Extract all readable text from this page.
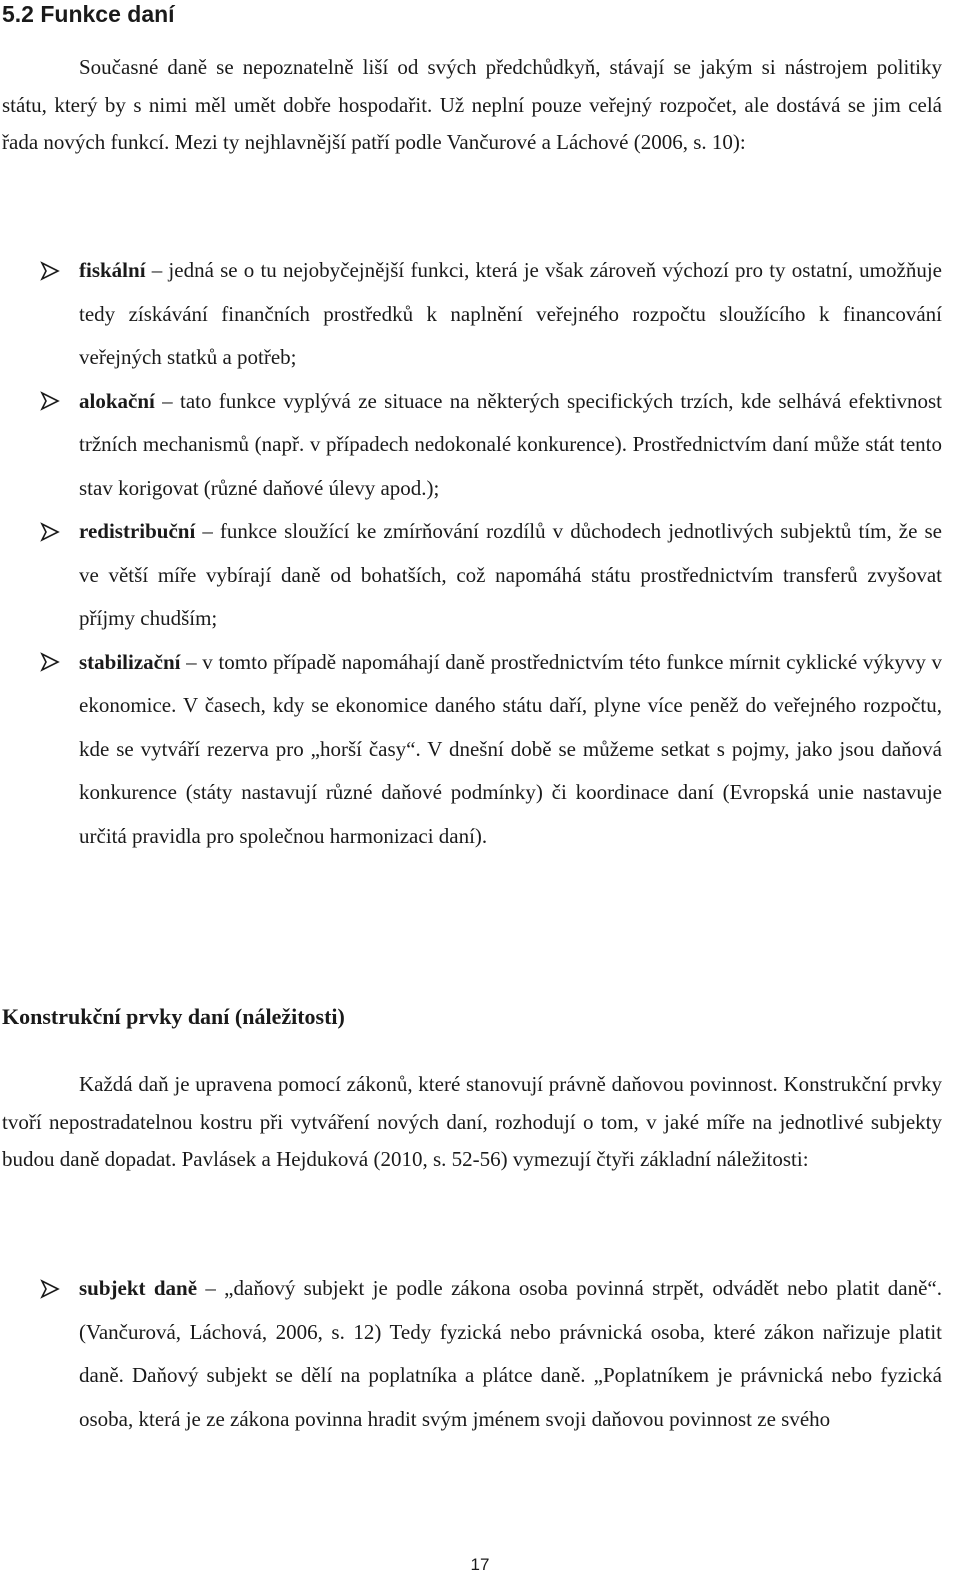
5.2 Funkce daní

Současné daně se nepoznatelně liší od svých předchůdkyň, stávají se jakým si nástrojem politiky státu, který by s nimi měl umět dobře hospodařit. Už neplní pouze veřejný rozpočet, ale dostává se jim celá řada nových funkcí. Mezi ty nejhlavnější patří podle Vančurové a Láchové (2006, s. 10):

fiskální – jedná se o tu nejobyčejnější funkci, která je však zároveň výchozí pro ty ostatní, umožňuje tedy získávání finančních prostředků k naplnění veřejného rozpočtu sloužícího k financování veřejných statků a potřeb;
alokační – tato funkce vyplývá ze situace na některých specifických trzích, kde selhává efektivnost tržních mechanismů (např. v případech nedokonalé konkurence). Prostřednictvím daní může stát tento stav korigovat (různé daňové úlevy apod.);
redistribuční – funkce sloužící ke zmírňování rozdílů v důchodech jednotlivých subjektů tím, že se ve větší míře vybírají daně od bohatších, což napomáhá státu prostřednictvím transferů zvyšovat příjmy chudším;
stabilizační – v tomto případě napomáhají daně prostřednictvím této funkce mírnit cyklické výkyvy v ekonomice. V časech, kdy se ekonomice daného státu daří, plyne více peněž do veřejného rozpočtu, kde se vytváří rezerva pro „horší časy“. V dnešní době se můžeme setkat s pojmy, jako jsou daňová konkurence (státy nastavují různé daňové podmínky) či koordinace daní (Evropská unie nastavuje určitá pravidla pro společnou harmonizaci daní).
Konstrukční prvky daní (náležitosti)

Každá daň je upravena pomocí zákonů, které stanovují právně daňovou povinnost. Konstrukční prvky tvoří nepostradatelnou kostru při vytváření nových daní, rozhodují o tom, v jaké míře na jednotlivé subjekty budou daně dopadat. Pavlásek a Hejduková (2010, s. 52-56) vymezují čtyři základní náležitosti:

subjekt daně – „daňový subjekt je podle zákona osoba povinná strpět, odvádět nebo platit daně“. (Vančurová, Láchová, 2006, s. 12) Tedy fyzická nebo právnická osoba, které zákon nařizuje platit daně. Daňový subjekt se dělí na poplatníka a plátce daně. „Poplatníkem je právnická nebo fyzická osoba, která je ze zákona povinna hradit svým jménem svoji daňovou povinnost ze svého
17
